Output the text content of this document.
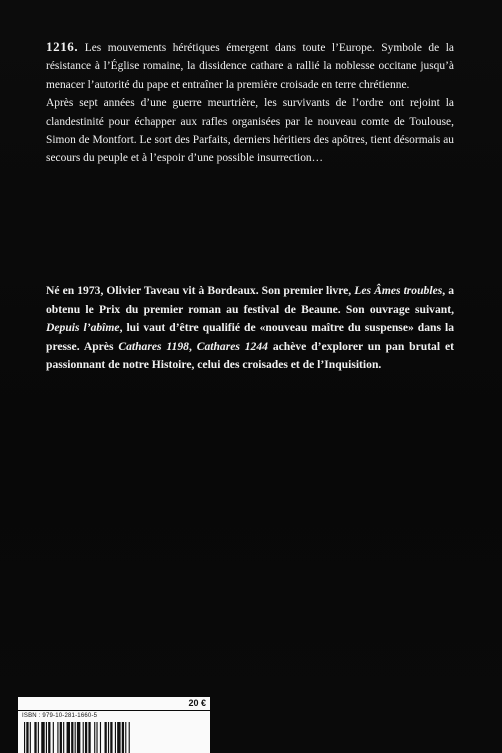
1216. Les mouvements hérétiques émergent dans toute l’Europe. Symbole de la résistance à l’Église romaine, la dissidence cathare a rallié la noblesse occitane jusqu’à menacer l’autorité du pape et entraîner la première croisade en terre chrétienne.

Après sept années d’une guerre meurtrière, les survivants de l’ordre ont rejoint la clandestinité pour échapper aux rafles organisées par le nouveau comte de Toulouse, Simon de Montfort. Le sort des Parfaits, derniers héritiers des apôtres, tient désormais au secours du peuple et à l’espoir d’une possible insurrection…

Né en 1973, Olivier Taveau vit à Bordeaux. Son premier livre, Les Âmes troubles, a obtenu le Prix du premier roman au festival de Beaune. Son ouvrage suivant, Depuis l’abîme, lui vaut d’être qualifié de «nouveau maître du suspense» dans la presse. Après Cathares 1198, Cathares 1244 achève d’explorer un pan brutal et passionnant de notre Histoire, celui des croisades et de l’Inquisition.

20 €
ISBN : 979-10-281-1660-5
